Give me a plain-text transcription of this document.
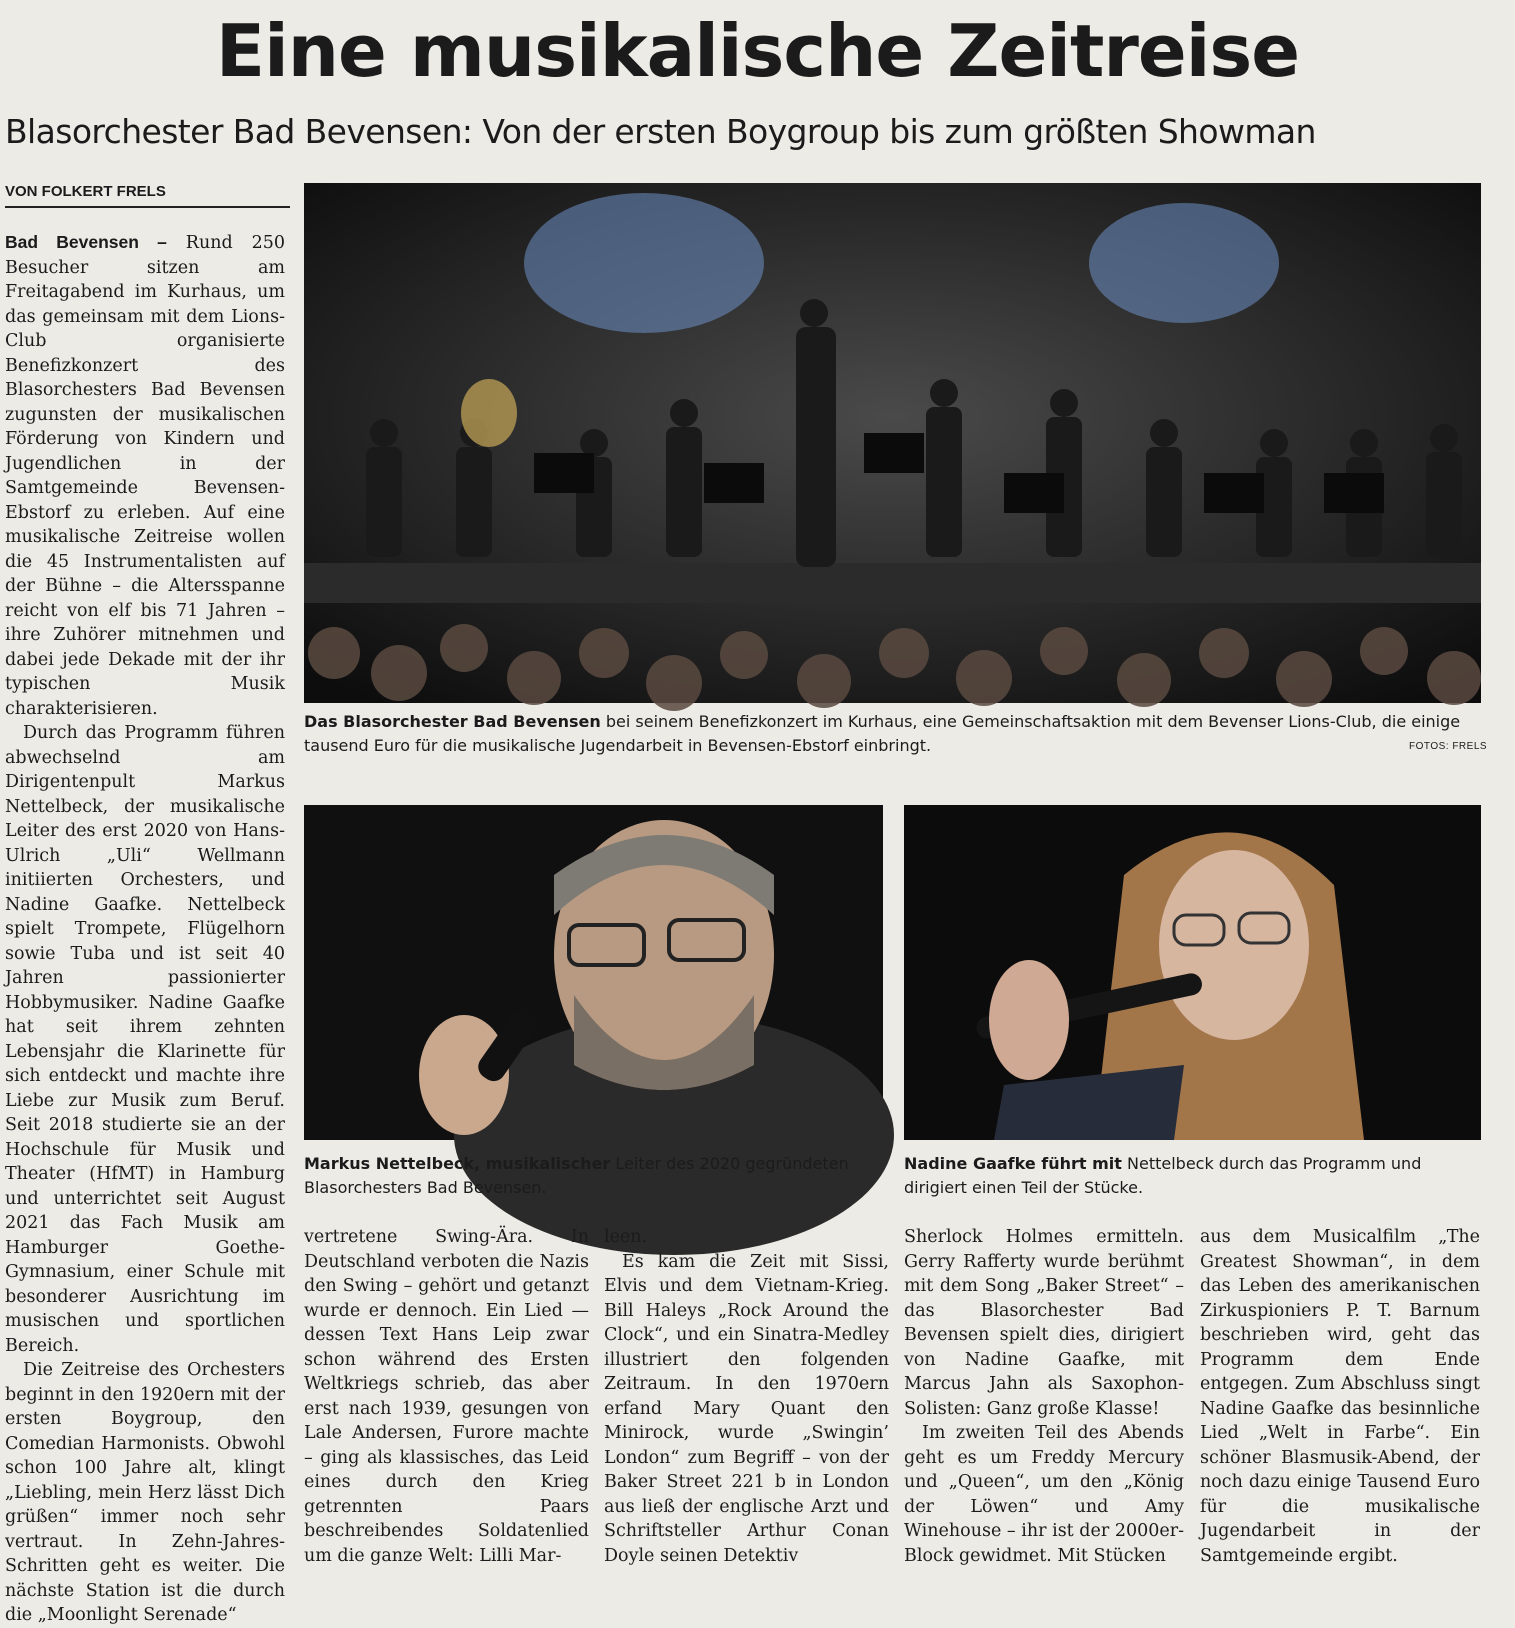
Eine musikalische Zeitreise
Blasorchester Bad Bevensen: Von der ersten Boygroup bis zum größten Showman
VON FOLKERT FRELS

Bad Bevensen – Rund 250 Besucher sitzen am Freitagabend im Kurhaus, um das gemeinsam mit dem Lions-Club organisierte Benefizkonzert des Blasorchesters Bad Bevensen zugunsten der musikalischen Förderung von Kindern und Jugendlichen in der Samtgemeinde Bevensen-Ebstorf zu erleben. Auf eine musikalische Zeitreise wollen die 45 Instrumentalisten auf der Bühne – die Altersspanne reicht von elf bis 71 Jahren – ihre Zuhörer mitnehmen und dabei jede Dekade mit der ihr typischen Musik charakterisieren.

Durch das Programm führen abwechselnd am Dirigentenpult Markus Nettelbeck, der musikalische Leiter des erst 2020 von Hans-Ulrich „Uli“ Wellmann initiierten Orchesters, und Nadine Gaafke. Nettelbeck spielt Trompete, Flügelhorn sowie Tuba und ist seit 40 Jahren passionierter Hobbymusiker. Nadine Gaafke hat seit ihrem zehnten Lebensjahr die Klarinette für sich entdeckt und machte ihre Liebe zur Musik zum Beruf. Seit 2018 studierte sie an der Hochschule für Musik und Theater (HfMT) in Hamburg und unterrichtet seit August 2021 das Fach Musik am Hamburger Goethe-Gymnasium, einer Schule mit besonderer Ausrichtung im musischen und sportlichen Bereich.

Die Zeitreise des Orchesters beginnt in den 1920ern mit der ersten Boygroup, den Comedian Harmonists. Obwohl schon 100 Jahre alt, klingt „Liebling, mein Herz lässt Dich grüßen“ immer noch sehr vertraut. In Zehn-Jahres-Schritten geht es weiter. Die nächste Station ist die durch die „Moonlight Serenade“

Das Blasorchester Bad Bevensen bei seinem Benefizkonzert im Kurhaus, eine Gemeinschaftsaktion mit dem Bevenser Lions-Club, die einige tausend Euro für die musikalische Jugendarbeit in Bevensen-Ebstorf einbringt.	FOTOS: FRELS
Markus Nettelbeck, musikalischer Leiter des 2020 gegründeten Blasorchesters Bad Bevensen.
Nadine Gaafke führt mit Nettelbeck durch das Programm und dirigiert einen Teil der Stücke.

vertretene Swing-Ära. In Deutschland verboten die Nazis den Swing – gehört und getanzt wurde er dennoch. Ein Lied —dessen Text Hans Leip zwar schon während des Ersten Weltkriegs schrieb, das aber erst nach 1939, gesungen von Lale Andersen, Furore machte – ging als klassisches, das Leid eines durch den Krieg getrennten Paars beschreibendes Soldatenlied um die ganze Welt: Lilli Mar-

leen.

Es kam die Zeit mit Sissi, Elvis und dem Vietnam-Krieg. Bill Haleys „Rock Around the Clock“, und ein Sinatra-Medley illustriert den folgenden Zeitraum. In den 1970ern erfand Mary Quant den Minirock, wurde „Swingin’ London“ zum Begriff – von der Baker Street 221 b in London aus ließ der englische Arzt und Schriftsteller Arthur Conan Doyle seinen Detektiv

Sherlock Holmes ermitteln. Gerry Rafferty wurde berühmt mit dem Song „Baker Street“ – das Blasorchester Bad Bevensen spielt dies, dirigiert von Nadine Gaafke, mit Marcus Jahn als Saxophon-Solisten: Ganz große Klasse!

Im zweiten Teil des Abends geht es um Freddy Mercury und „Queen“, um den „König der Löwen“ und Amy Winehouse – ihr ist der 2000er-Block gewidmet. Mit Stücken

aus dem Musicalfilm „The Greatest Showman“, in dem das Leben des amerikanischen Zirkuspioniers P. T. Barnum beschrieben wird, geht das Programm dem Ende entgegen. Zum Abschluss singt Nadine Gaafke das besinnliche Lied „Welt in Farbe“. Ein schöner Blasmusik-Abend, der noch dazu einige Tausend Euro für die musikalische Jugendarbeit in der Samtgemeinde ergibt.
